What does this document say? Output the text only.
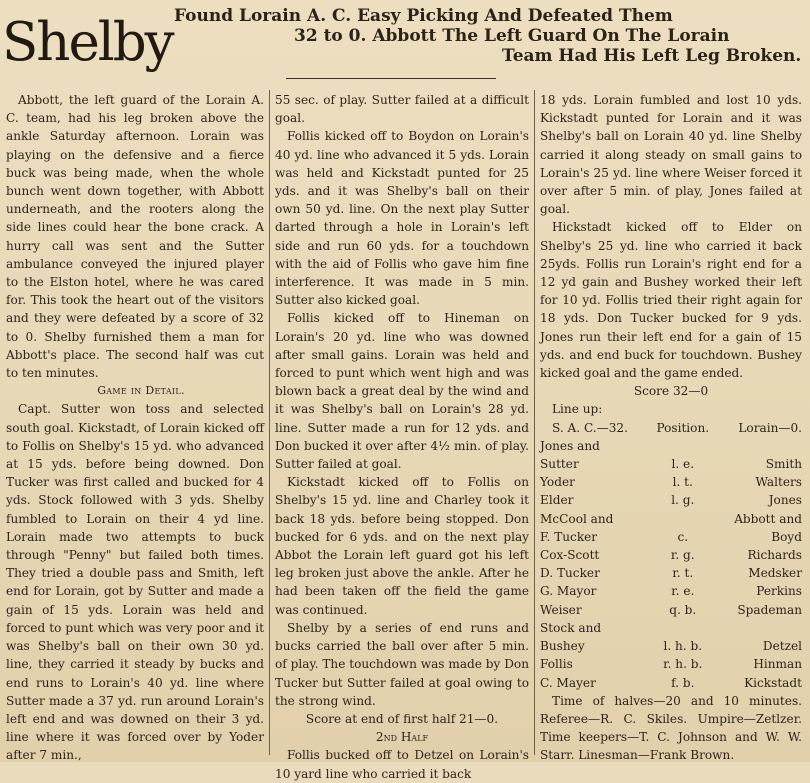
Shelby Found Lorain A. C. Easy Picking And Defeated Them
32 to 0. Abbott The Left Guard On The Lorain
Team Had His Left Leg Broken.

Abbott, the left guard of the Lorain A. C. team, had his leg broken above the ankle Saturday afternoon. Lorain was playing on the defensive and a fierce buck was being made, when the whole bunch went down together, with Abbott underneath, and the rooters along the side lines could hear the bone crack. A hurry call was sent and the Sutter ambulance conveyed the injured player to the Elston hotel, where he was cared for. This took the heart out of the visitors and they were defeated by a score of 32 to 0. Shelby furnished them a man for Abbott's place. The second half was cut to ten minutes.

Game in Detail.

Capt. Sutter won toss and selected south goal. Kickstadt, of Lorain kicked off to Follis on Shelby's 15 yd. who advanced at 15 yds. before being downed. Don Tucker was first called and bucked for 4 yds. Stock followed with 3 yds. Shelby fumbled to Lorain on their 4 yd line. Lorain made two attempts to buck through "Penny" but failed both times. They tried a double pass and Smith, left end for Lorain, got by Sutter and made a gain of 15 yds. Lorain was held and forced to punt which was very poor and it was Shelby's ball on their own 30 yd. line, they carried it steady by bucks and end runs to Lorain's 40 yd. line where Sutter made a 37 yd. run around Lorain's left end and was downed on their 3 yd. line where it was forced over by Yoder after 7 min.,

55 sec. of play. Sutter failed at a difficult goal.

Follis kicked off to Boydon on Lorain's 40 yd. line who advanced it 5 yds. Lorain was held and Kickstadt punted for 25 yds. and it was Shelby's ball on their own 50 yd. line. On the next play Sutter darted through a hole in Lorain's left side and run 60 yds. for a touchdown with the aid of Follis who gave him fine interference. It was made in 5 min. Sutter also kicked goal.

Follis kicked off to Hineman on Lorain's 20 yd. line who was downed after small gains. Lorain was held and forced to punt which went high and was blown back a great deal by the wind and it was Shelby's ball on Lorain's 28 yd. line. Sutter made a run for 12 yds. and Don bucked it over after 4½ min. of play. Sutter failed at goal.

Kickstadt kicked off to Follis on Shelby's 15 yd. line and Charley took it back 18 yds. before being stopped. Don bucked for 6 yds. and on the next play Abbot the Lorain left guard got his left leg broken just above the ankle. After he had been taken off the field the game was continued.

Shelby by a series of end runs and bucks carried the ball over after 5 min. of play. The touchdown was made by Don Tucker but Sutter failed at goal owing to the strong wind.

Score at end of first half 21—0.

2nd Half

Follis bucked off to Detzel on Lorain's 10 yard line who carried it back

18 yds. Lorain fumbled and lost 10 yds. Kickstadt punted for Lorain and it was Shelby's ball on Lorain 40 yd. line Shelby carried it along steady on small gains to Lorain's 25 yd. line where Weiser forced it over after 5 min. of play, Jones failed at goal.

Hickstadt kicked off to Elder on Shelby's 25 yd. line who carried it back 25yds. Follis run Lorain's right end for a 12 yd gain and Bushey worked their left for 10 yd. Follis tried their right again for 18 yds. Don Tucker bucked for 9 yds. Jones run their left end for a gain of 15 yds. and end buck for touchdown. Bushey kicked goal and the game ended.

Score 32—0

Line up:

S. A. C.—32.	Position.	Lorain—0.
Jones and		
Sutter	l. e.	Smith
Yoder	l. t.	Walters
Elder	l. g.	Jones
McCool and		Abbott and
F. Tucker	c.	Boyd
Cox-Scott	r. g.	Richards
D. Tucker	r. t.	Medsker
G. Mayor	r. e.	Perkins
Weiser	q. b.	Spademan
Stock and		
Bushey	l. h. b.	Detzel
Follis	r. h. b.	Hinman
C. Mayer	f. b.	Kickstadt

Time of halves—20 and 10 minutes. Referee—R. C. Skiles. Umpire—Zetlzer. Time keepers—T. C. Johnson and W. W. Starr. Linesman—Frank Brown.
